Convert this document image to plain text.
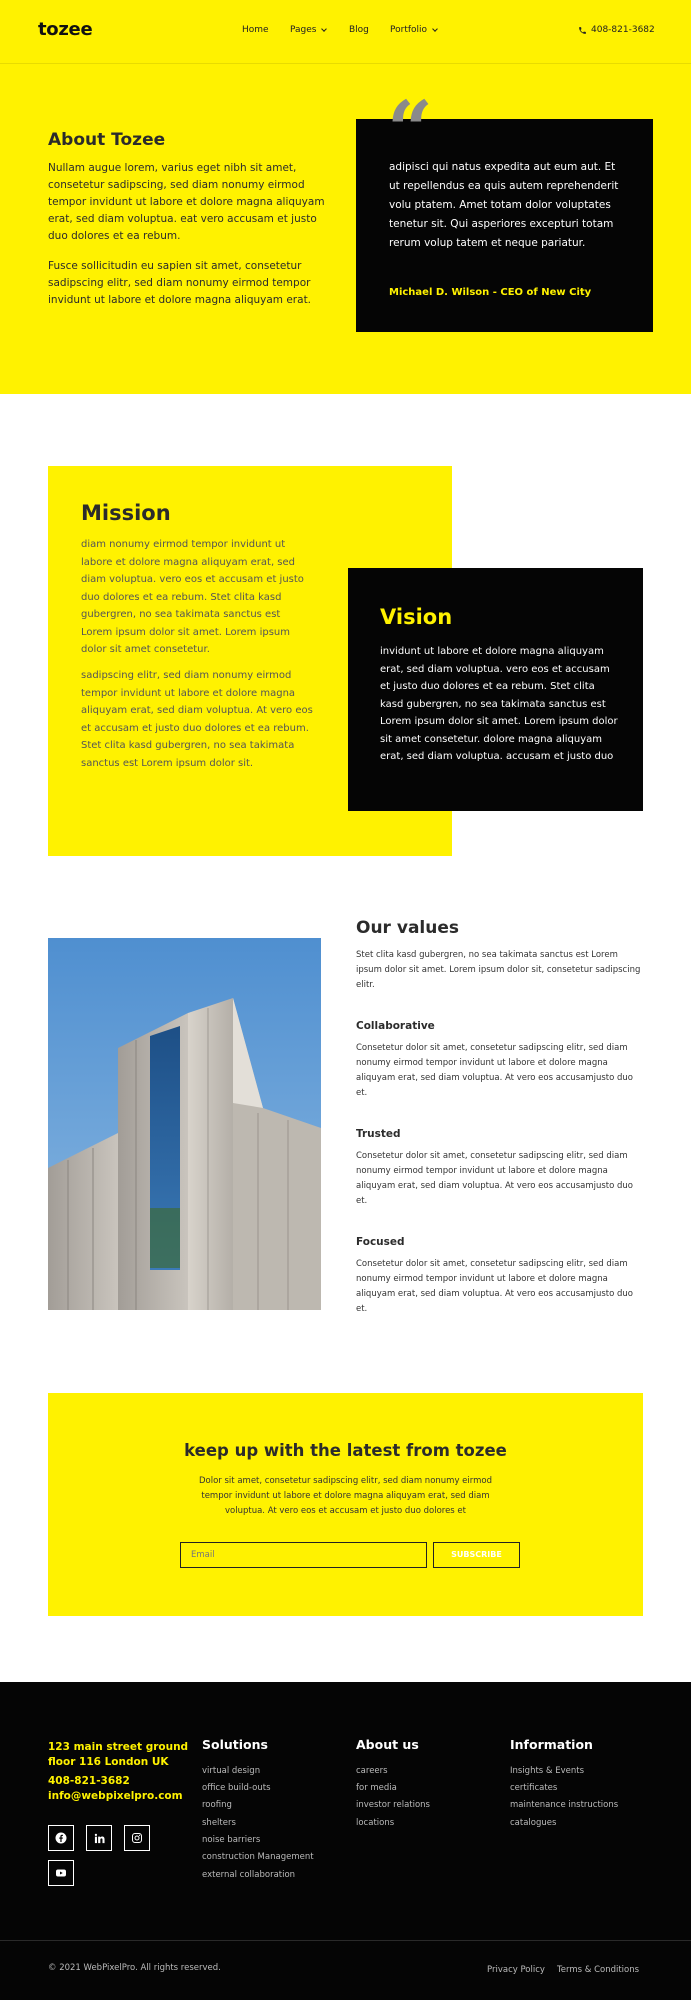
tozee	Home Pages	Blog Portfolio	408-821-3682
About Tozee
Nullam augue lorem, varius eget nibh sit amet, consetetur sadipscing, sed diam nonumy eirmod tempor invidunt ut labore et dolore magna aliquyam erat, sed diam voluptua. eat vero accusam et justo duo dolores et ea rebum.
Fusce sollicitudin eu sapien sit amet, consetetur sadipscing elitr, sed diam nonumy eirmod tempor invidunt ut labore et dolore magna aliquyam erat.
“
adipisci qui natus expedita aut eum aut. Et ut repellendus ea quis autem reprehenderit volu ptatem. Amet totam dolor voluptates tenetur sit. Qui asperiores excepturi totam rerum volup tatem et neque pariatur.
Michael D. Wilson - CEO of New City
Mission
diam nonumy eirmod tempor invidunt ut labore et dolore magna aliquyam erat, sed diam voluptua. vero eos et accusam et justo duo dolores et ea rebum. Stet clita kasd gubergren, no sea takimata sanctus est Lorem ipsum dolor sit amet. Lorem ipsum dolor sit amet consetetur.
sadipscing elitr, sed diam nonumy eirmod tempor invidunt ut labore et dolore magna aliquyam erat, sed diam voluptua. At vero eos et accusam et justo duo dolores et ea rebum. Stet clita kasd gubergren, no sea takimata sanctus est Lorem ipsum dolor sit.
Vision
invidunt ut labore et dolore magna aliquyam erat, sed diam voluptua. vero eos et accusam et justo duo dolores et ea rebum. Stet clita kasd gubergren, no sea takimata sanctus est Lorem ipsum dolor sit amet. Lorem ipsum dolor sit amet consetetur. dolore magna aliquyam erat, sed diam voluptua. accusam et justo duo
Our values
Stet clita kasd gubergren, no sea takimata sanctus est Lorem ipsum dolor sit amet. Lorem ipsum dolor sit, consetetur sadipscing elitr.
Collaborative
Consetetur dolor sit amet, consetetur sadipscing elitr, sed diam nonumy eirmod tempor invidunt ut labore et dolore magna aliquyam erat, sed diam voluptua. At vero eos accusamjusto duo et.
Trusted
Consetetur dolor sit amet, consetetur sadipscing elitr, sed diam nonumy eirmod tempor invidunt ut labore et dolore magna aliquyam erat, sed diam voluptua. At vero eos accusamjusto duo et.
Focused
Consetetur dolor sit amet, consetetur sadipscing elitr, sed diam nonumy eirmod tempor invidunt ut labore et dolore magna aliquyam erat, sed diam voluptua. At vero eos accusamjusto duo et.
keep up with the latest from tozee
Dolor sit amet, consetetur sadipscing elitr, sed diam nonumy eirmod tempor invidunt ut labore et dolore magna aliquyam erat, sed diam voluptua. At vero eos et accusam et justo duo dolores et
Email
SUBSCRIBE
123 main street ground
floor 116 London UK
408-821-3682
info@webpixelpro.com
Solutions
virtual design
office build-outs
roofing
shelters
noise barriers
construction Management
external collaboration
About us
careers
for media
investor relations
locations
Information
Insights & Events
certificates
maintenance instructions
catalogues
© 2021 WebPixelPro. All rights reserved.	Privacy Policy Terms & Conditions
